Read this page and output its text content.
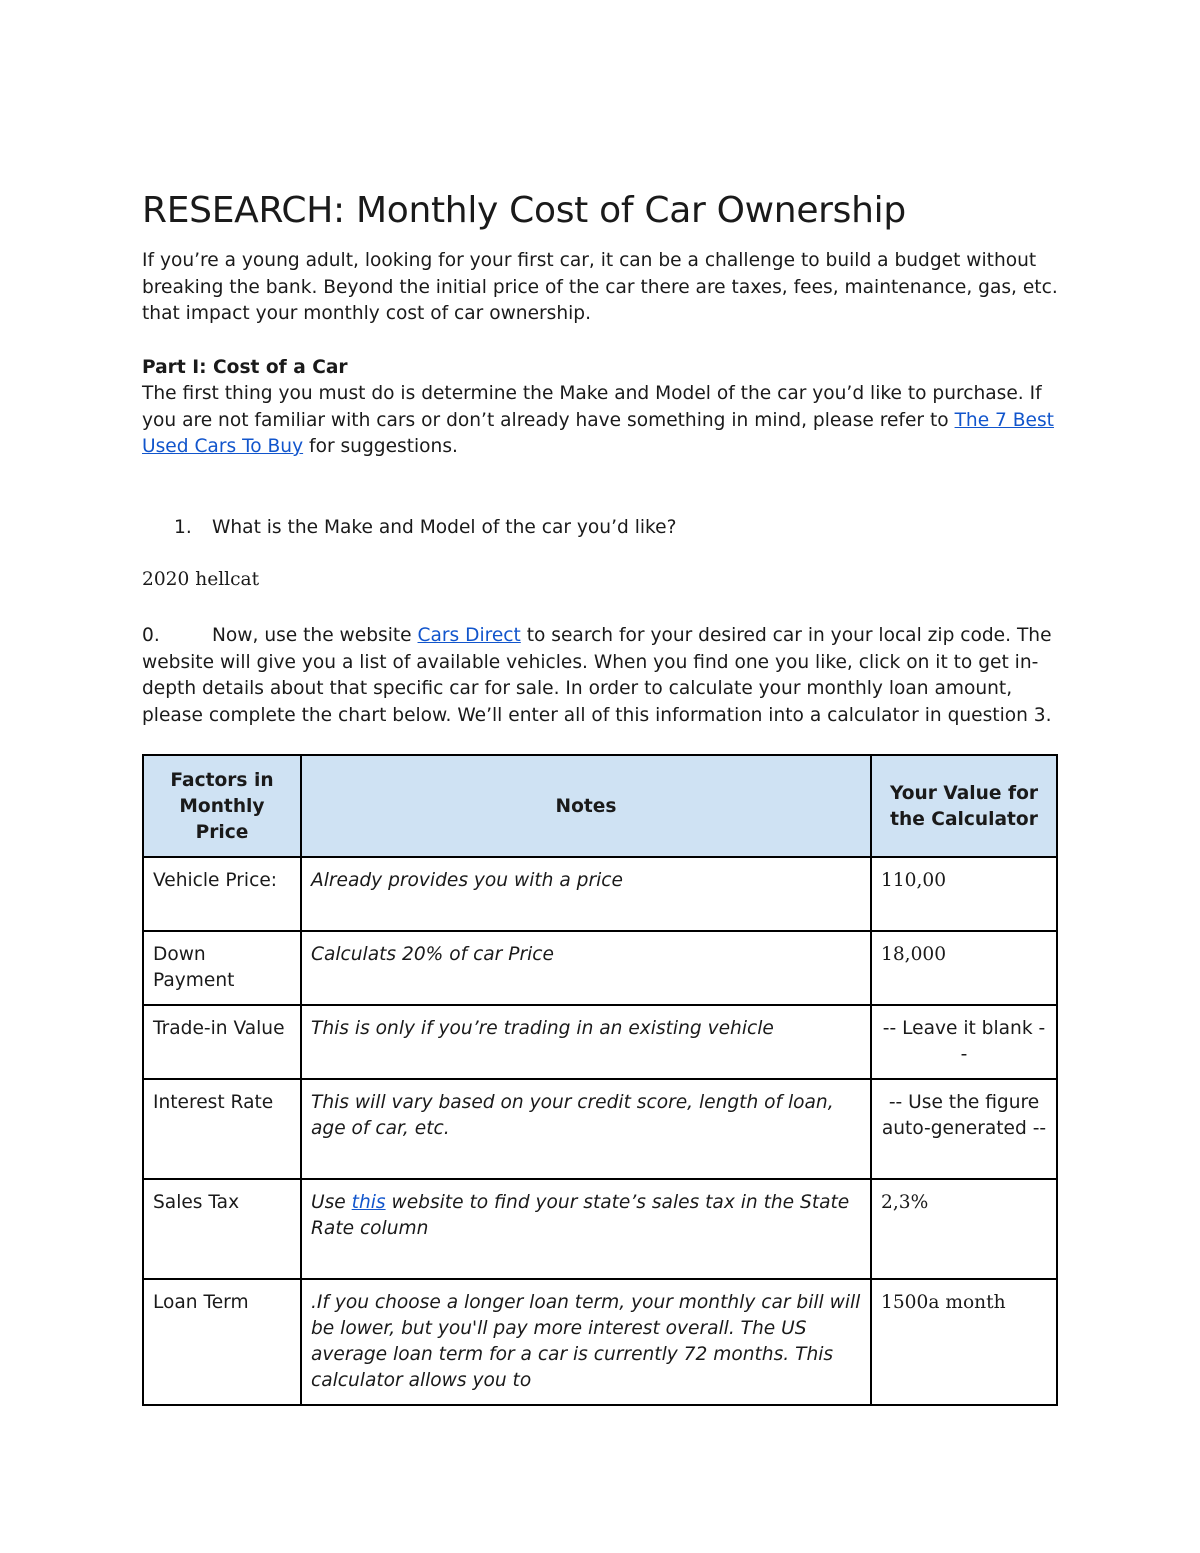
RESEARCH: Monthly Cost of Car Ownership

If you’re a young adult, looking for your first car, it can be a challenge to build a budget without breaking the bank. Beyond the initial price of the car there are taxes, fees, maintenance, gas, etc. that impact your monthly cost of car ownership.

Part I: Cost of a Car

The first thing you must do is determine the Make and Model of the car you’d like to purchase. If you are not familiar with cars or don’t already have something in mind, please refer to The 7 Best Used Cars To Buy for suggestions.

1. What is the Make and Model of the car you’d like?
2020 hellcat

0.	Now, use the website Cars Direct to search for your desired car in your local zip code. The website will give you a list of available vehicles. When you find one you like, click on it to get in-depth details about that specific car for sale. In order to calculate your monthly loan amount, please complete the chart below. We’ll enter all of this information into a calculator in question 3.

Factors in Monthly Price	Notes	Your Value for the Calculator
Vehicle Price:	Already provides you with a price	110,00
Down Payment	Calculats 20% of car Price	18,000
Trade-in Value	This is only if you’re trading in an existing vehicle	-- Leave it blank --
Interest Rate	This will vary based on your credit score, length of loan, age of car, etc.	-- Use the figure auto-generated --
Sales Tax	Use this website to find your state’s sales tax in the State Rate column	2,3%
Loan Term	.If you choose a longer loan term, your monthly car bill will be lower, but you'll pay more interest overall. The US average loan term for a car is currently 72 months. This calculator allows you to	1500a month
